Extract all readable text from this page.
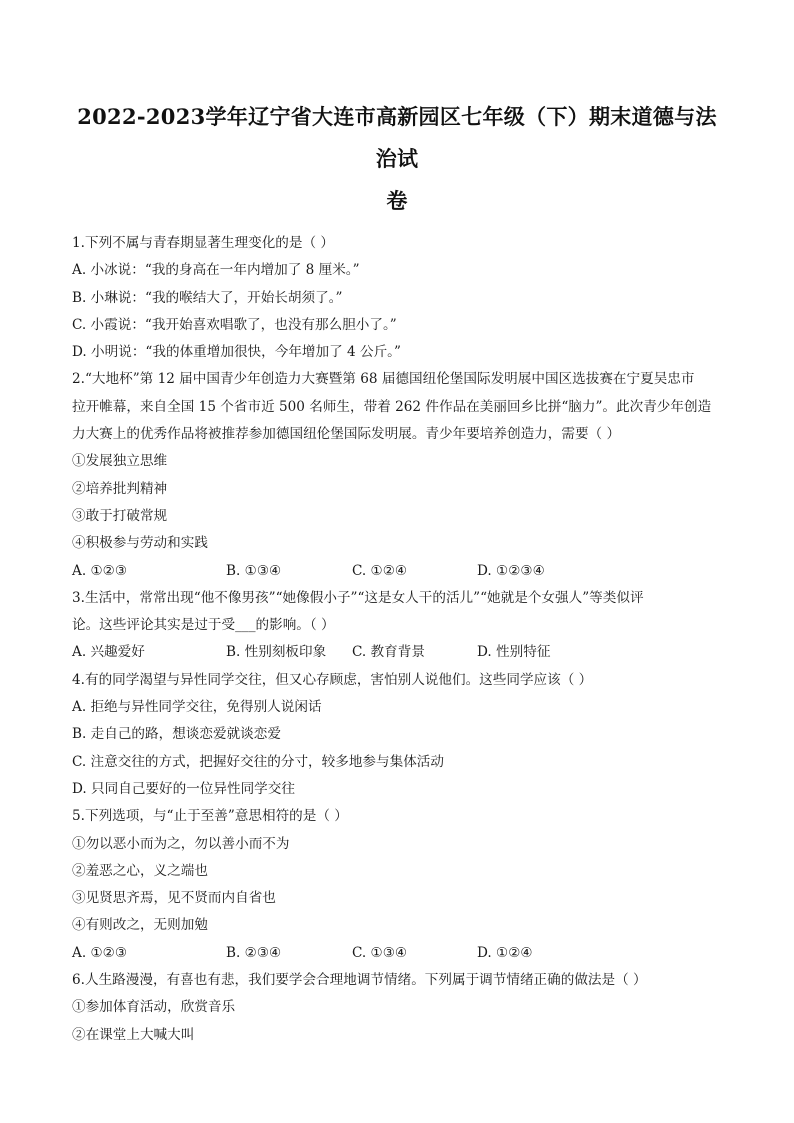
2022-2023学年辽宁省大连市高新园区七年级（下）期末道德与法治试
卷
1.下列不属与青春期显著生理变化的是（ ）
A. 小冰说：“我的身高在一年内增加了 8 厘米。”
B. 小琳说：“我的喉结大了，开始长胡须了。”
C. 小霞说：“我开始喜欢唱歌了，也没有那么胆小了。”
D. 小明说：“我的体重增加很快，今年增加了 4 公斤。”
2.“大地杯”第 12 届中国青少年创造力大赛暨第 68 届德国纽伦堡国际发明展中国区选拔赛在宁夏吴忠市
拉开帷幕，来自全国 15 个省市近 500 名师生，带着 262 件作品在美丽回乡比拼“脑力”。此次青少年创造
力大赛上的优秀作品将被推荐参加德国纽伦堡国际发明展。青少年要培养创造力，需要（ ）
①发展独立思维
②培养批判精神
③敢于打破常规
④积极参与劳动和实践
A. ①②③	B. ①③④	C. ①②④	D. ①②③④
3.生活中，常常出现“他不像男孩”“她像假小子”“这是女人干的活儿”“她就是个女强人”等类似评
论。这些评论其实是过于受___的影响。（ ）
A. 兴趣爱好	B. 性别刻板印象	C. 教育背景	D. 性别特征
4.有的同学渴望与异性同学交往，但又心存顾虑，害怕别人说他们。这些同学应该（ ）
A. 拒绝与异性同学交往，免得别人说闲话
B. 走自己的路，想谈恋爱就谈恋爱
C. 注意交往的方式，把握好交往的分寸，较多地参与集体活动
D. 只同自己要好的一位异性同学交往
5.下列选项，与“止于至善”意思相符的是（ ）
①勿以恶小而为之，勿以善小而不为
②羞恶之心，义之端也
③见贤思齐焉，见不贤而内自省也
④有则改之，无则加勉
A. ①②③	B. ②③④	C. ①③④	D. ①②④
6.人生路漫漫，有喜也有悲，我们要学会合理地调节情绪。下列属于调节情绪正确的做法是（ ）
①参加体育活动，欣赏音乐
②在课堂上大喊大叫
